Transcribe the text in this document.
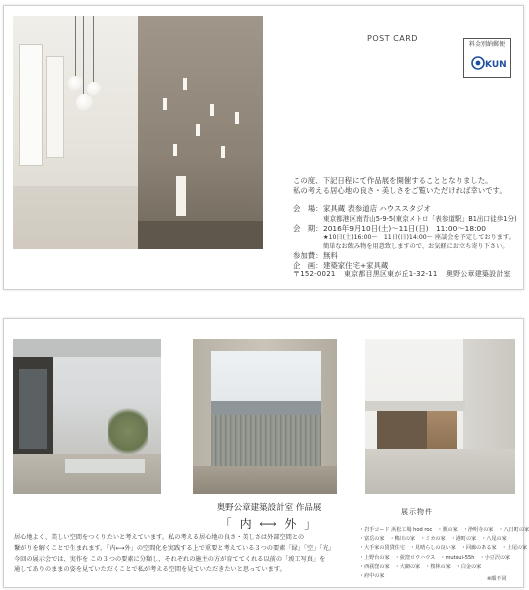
POST CARD
料金別納郵便
KUN

この度、下記日程にて作品展を開催することとなりました。
私の考える居心地の良さ・美しさをご覧いただければ幸いです。

会　場： 家具蔵 表参道店 ハウススタジオ
東京都港区南青山5-9-5(東京メトロ「表参道駅」B1出口徒歩1分)
会　期： 2016年9月10日(土)〜11日(日)　11:00〜18:00
★10日(土)16:00〜　11日(日)14:00〜 座談会を予定しております。
簡単なお飲み物を用意致しますので、お気軽にお立ち寄り下さい。
参加費： 無料
企　画： 建築家住宅+家具蔵
〒152-0021 東京都目黒区東が丘1-32-11 奥野公章建築設計室
奥野公章建築設計室 作品展
「 内 ⟷ 外 」

居心地よく、美しい空間をつくりたいと考えています。私の考える居心地の良さ・美しさは外部空間との

繋がりを解くことで生まれます。「内⟷外」の空間化を実践する上で重要と考えている３つの要素「緑」「空」「光」

今回の展示会では、実作を この３つの要素に分類し、それぞれの施主の方が育ててくれる以前の「竣工写真」を

通してありのままの姿を見ていただくことで私が考える空間を見ていただきたいと思っています。

展示物件

・岩手コード 浜松工場 hod roc　・栗の家　・浄明寺の家　・八日町の家

・富岳の家　・鴨川の家　・ミカの家　・港町の家　・八尾の家

・大手家の賃貸住宅　・見晴らしの良い家　・回廊のある家　・上尾の家

・上野台の家　・荻窪ロウハウス　・mutsui-55h　・小豆沢の家

・西荻窪の家　・大網の家　・桜林の家　・白金の家

・府中の家	※順不同
